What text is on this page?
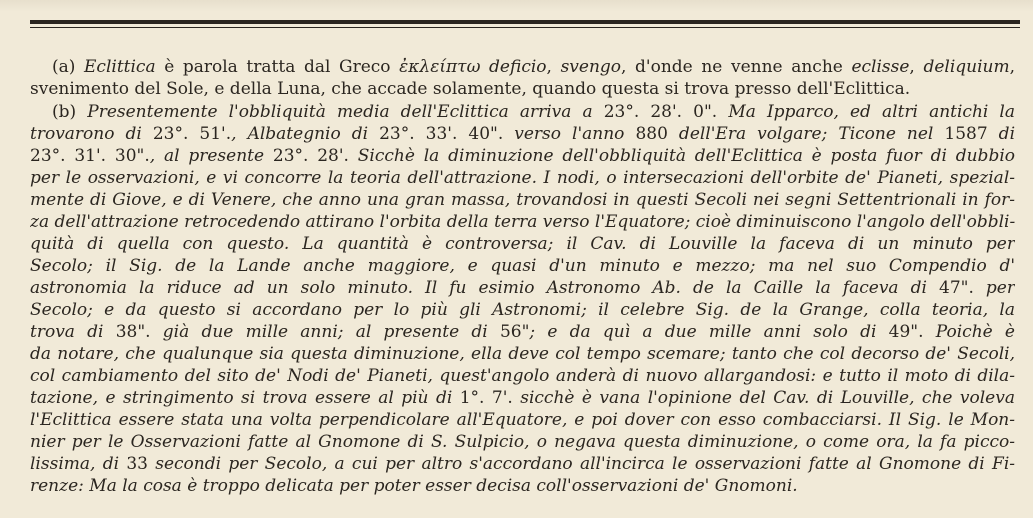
(a) Eclittica è parola tratta dal Greco ἐκλείπτω deficio, svengo, d'onde ne venne anche eclisse, deliquium,
svenimento del Sole, e della Luna, che accade solamente, quando questa si trova presso dell'Eclittica.
(b) Presentemente l'obbliquità media dell'Eclittica arriva a 23°. 28'. 0". Ma Ipparco, ed altri antichi la
trovarono di 23°. 51'., Albategnio di 23°. 33'. 40". verso l'anno 880 dell'Era volgare; Ticone nel 1587 di
23°. 31'. 30"., al presente 23°. 28'. Sicchè la diminuzione dell'obbliquità dell'Eclittica è posta fuor di dubbio
per le osservazioni, e vi concorre la teoria dell'attrazione. I nodi, o intersecazioni dell'orbite de' Pianeti, spezial-
mente di Giove, e di Venere, che anno una gran massa, trovandosi in questi Secoli nei segni Settentrionali in for-
za dell'attrazione retrocedendo attirano l'orbita della terra verso l'Equatore; cioè diminuiscono l'angolo dell'obbli-
quità di quella con questo. La quantità è controversa; il Cav. di Louville la faceva di un minuto per
Secolo; il Sig. de la Lande anche maggiore, e quasi d'un minuto e mezzo; ma nel suo Compendio d'
astronomia la riduce ad un solo minuto. Il fu esimio Astronomo Ab. de la Caille la faceva di 47". per
Secolo; e da questo si accordano per lo più gli Astronomi; il celebre Sig. de la Grange, colla teoria, la
trova di 38". già due mille anni; al presente di 56"; e da quì a due mille anni solo di 49". Poichè è
da notare, che qualunque sia questa diminuzione, ella deve col tempo scemare; tanto che col decorso de' Secoli,
col cambiamento del sito de' Nodi de' Pianeti, quest'angolo anderà di nuovo allargandosi: e tutto il moto di dila-
tazione, e stringimento si trova essere al più di 1°. 7'. sicchè è vana l'opinione del Cav. di Louville, che voleva
l'Eclittica essere stata una volta perpendicolare all'Equatore, e poi dover con esso combacciarsi. Il Sig. le Mon-
nier per le Osservazioni fatte al Gnomone di S. Sulpicio, o negava questa diminuzione, o come ora, la fa picco-
lissima, di 33 secondi per Secolo, a cui per altro s'accordano all'incirca le osservazioni fatte al Gnomone di Fi-
renze: Ma la cosa è troppo delicata per poter esser decisa coll'osservazioni de' Gnomoni.
